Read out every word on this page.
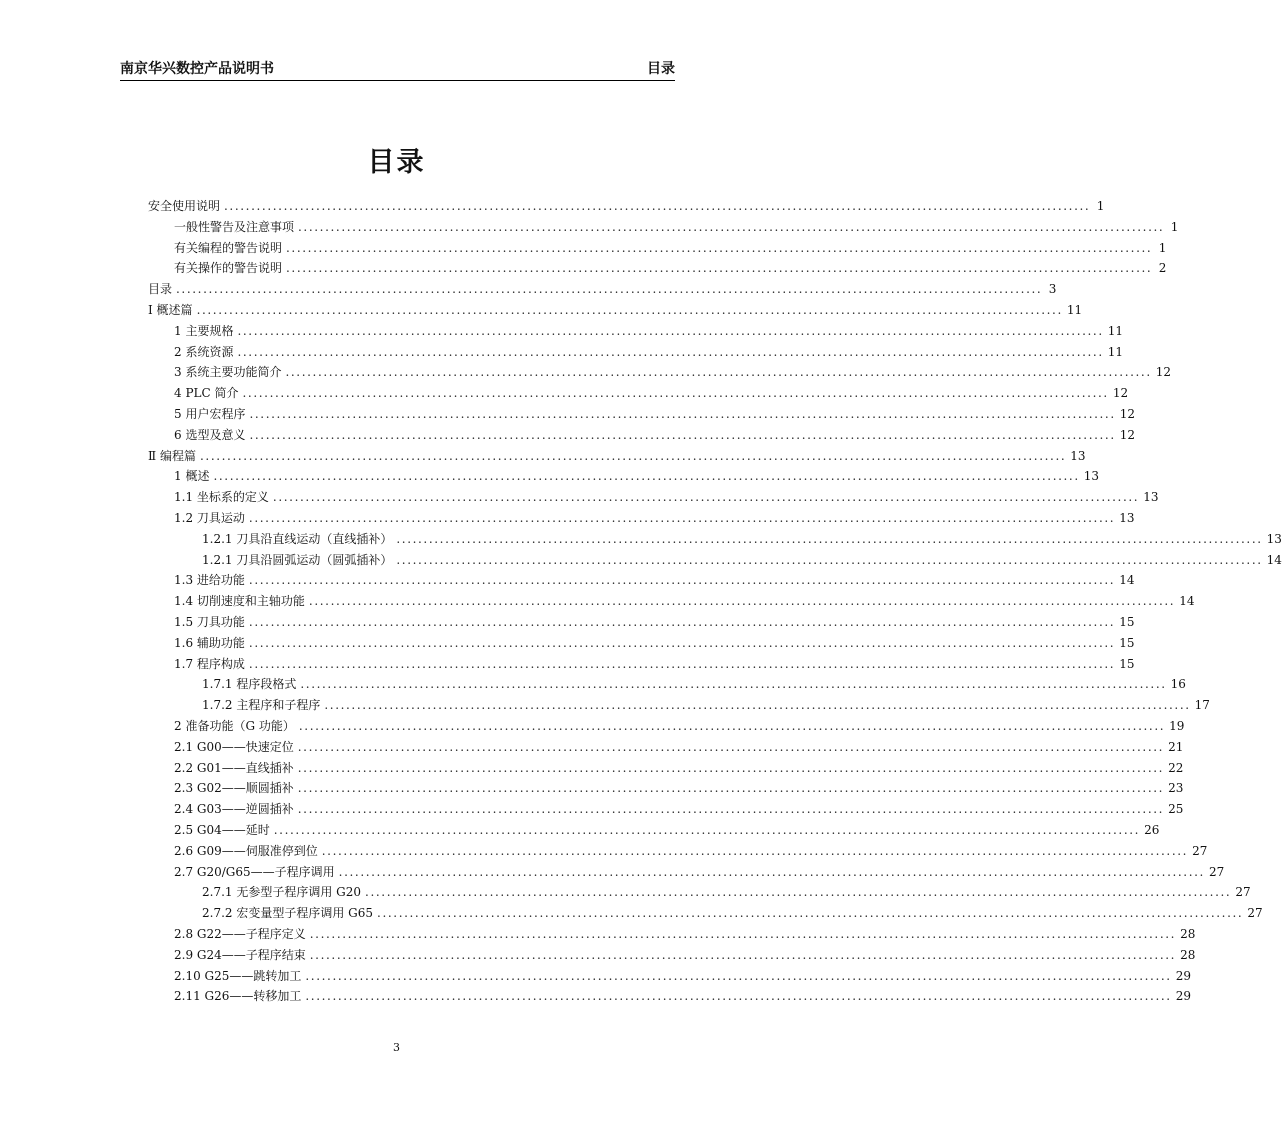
南京华兴数控产品说明书	目录
目录
安全使用说明 ................................................................................................................................................................ 1
一般性警告及注意事项 ................................................................................................................................................................ 1
有关编程的警告说明 ................................................................................................................................................................ 1
有关操作的警告说明 ................................................................................................................................................................ 2
目录 ................................................................................................................................................................ 3
Ⅰ 概述篇 ................................................................................................................................................................ 11
1 主要规格 ................................................................................................................................................................ 11
2 系统资源 ................................................................................................................................................................ 11
3 系统主要功能简介 ................................................................................................................................................................ 12
4 PLC 简介 ................................................................................................................................................................ 12
5 用户宏程序 ................................................................................................................................................................ 12
6 选型及意义 ................................................................................................................................................................ 12
Ⅱ 编程篇 ................................................................................................................................................................ 13
1 概述 ................................................................................................................................................................ 13
1.1 坐标系的定义 ................................................................................................................................................................ 13
1.2 刀具运动 ................................................................................................................................................................ 13
1.2.1 刀具沿直线运动（直线插补） ................................................................................................................................................................ 13
1.2.1 刀具沿圆弧运动（圆弧插补） ................................................................................................................................................................ 14
1.3 进给功能 ................................................................................................................................................................ 14
1.4 切削速度和主轴功能 ................................................................................................................................................................ 14
1.5 刀具功能 ................................................................................................................................................................ 15
1.6 辅助功能 ................................................................................................................................................................ 15
1.7 程序构成 ................................................................................................................................................................ 15
1.7.1 程序段格式 ................................................................................................................................................................ 16
1.7.2 主程序和子程序 ................................................................................................................................................................ 17
2 准备功能（G 功能） ................................................................................................................................................................ 19
2.1 G00——快速定位 ................................................................................................................................................................ 21
2.2 G01——直线插补 ................................................................................................................................................................ 22
2.3 G02——顺圆插补 ................................................................................................................................................................ 23
2.4 G03——逆圆插补 ................................................................................................................................................................ 25
2.5 G04——延时 ................................................................................................................................................................ 26
2.6 G09——伺服准停到位 ................................................................................................................................................................ 27
2.7 G20/G65——子程序调用 ................................................................................................................................................................ 27
2.7.1 无参型子程序调用 G20 ................................................................................................................................................................ 27
2.7.2 宏变量型子程序调用 G65 ................................................................................................................................................................ 27
2.8 G22——子程序定义 ................................................................................................................................................................ 28
2.9 G24——子程序结束 ................................................................................................................................................................ 28
2.10 G25——跳转加工 ................................................................................................................................................................ 29
2.11 G26——转移加工 ................................................................................................................................................................ 29
3
